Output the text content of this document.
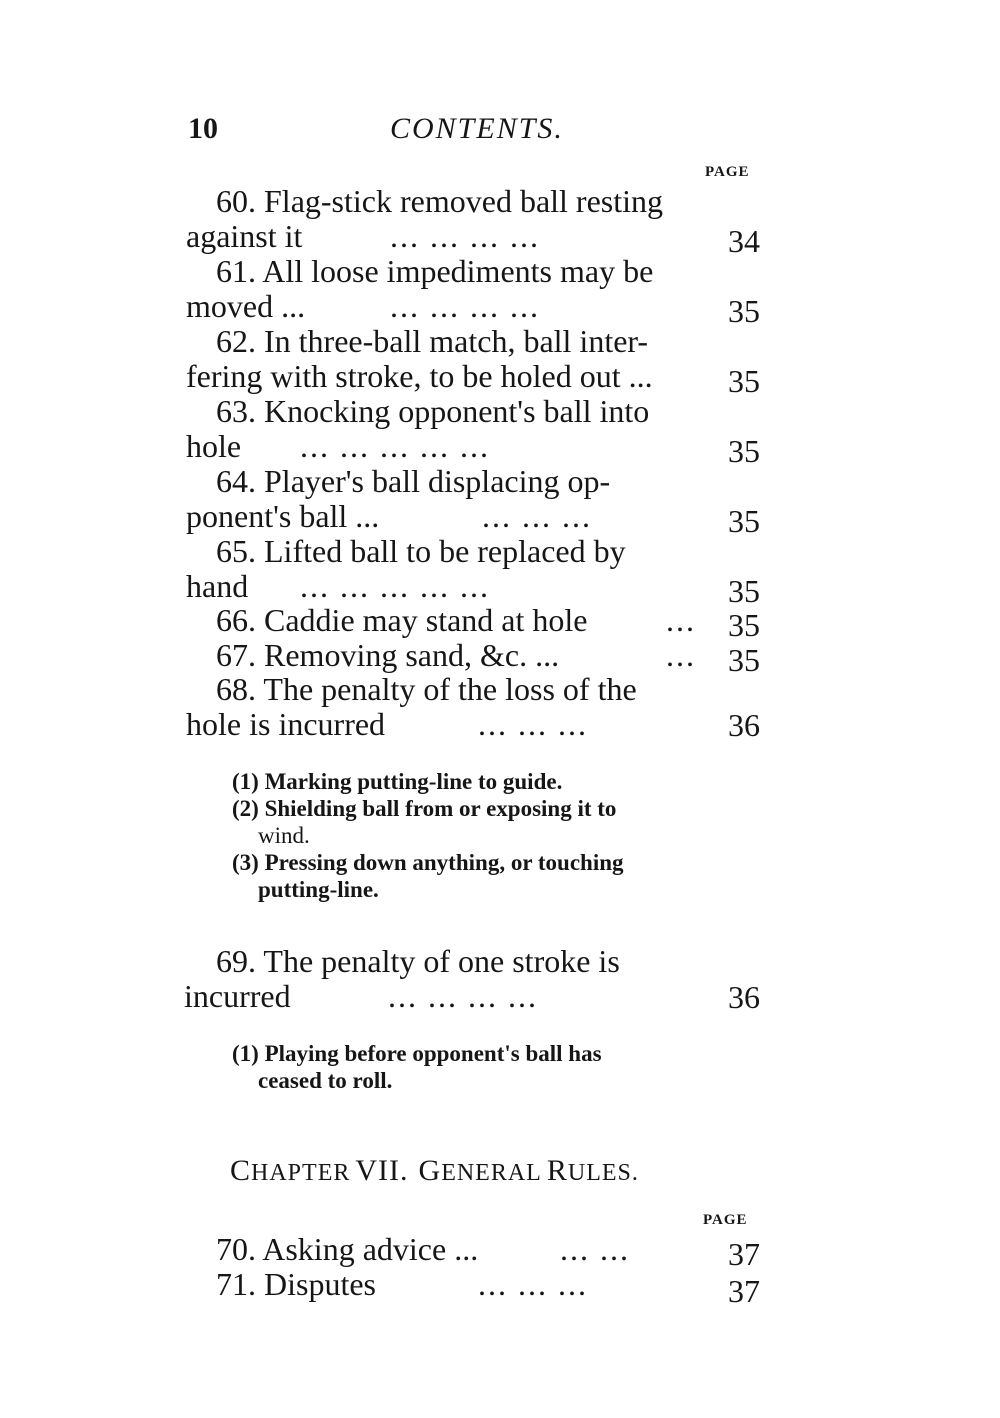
10	CONTENTS.
PAGE
60. Flag-stick removed ball resting
against it	... ... ... ...	34
61. All loose impediments may be
moved ...	... ... ... ...	35
62. In three-ball match, ball inter-
fering with stroke, to be holed out ... 35
63. Knocking opponent's ball into
hole ... ... ... ... ...	35
64. Player's ball displacing op-
ponent's ball ...	... ... ...	35
65. Lifted ball to be replaced by
hand ... ... ... ... ...	35
66. Caddie may stand at hole ... 35
67. Removing sand, &c. ...	... 35
68. The penalty of the loss of the
hole is incurred	... ... ...	36
(1) Marking putting-line to guide.
(2) Shielding ball from or exposing it to
wind.
(3) Pressing down anything, or touching
putting-line.
69. The penalty of one stroke is
incurred	... ... ... ...	36
(1) Playing before opponent's ball has
ceased to roll.
CHAPTER VII. GENERAL RULES.
PAGE
70. Asking advice ...	... ...	37
71. Disputes	... ... ...	37
